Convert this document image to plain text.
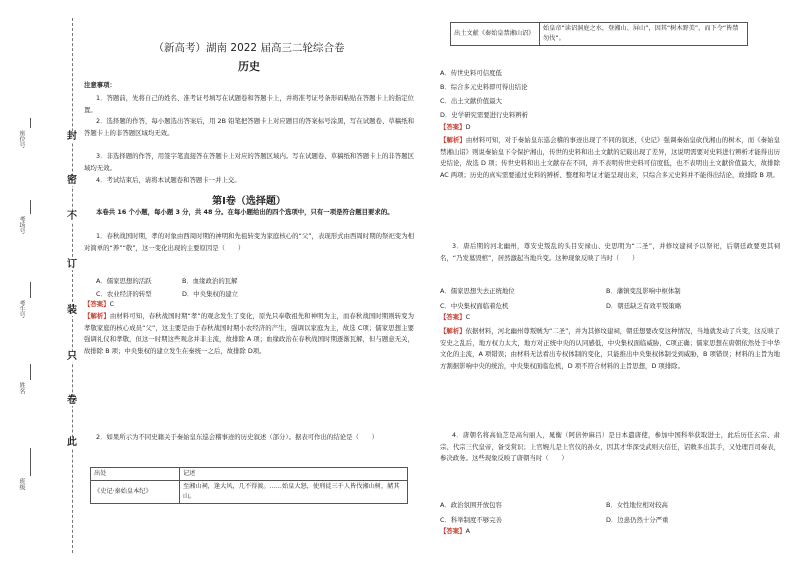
封
密
不
订
装
只
卷
此
座位号
考场号
考生号
姓名
班级
（新高考）湖南 2022 届高三二轮综合卷
历史
注意事项：

1．答题前，先将自己的姓名、准考证号填写在试题卷和答题卡上，并将准考证号条形码粘贴在答题卡上的指定位置。

2．选择题的作答，每小题选出答案后，用 2B 铅笔把答题卡上对应题目的答案标号涂黑，写在试题卷、草稿纸和答题卡上的非答题区域均无效。

3．非选择题的作答，用签字笔直接答在答题卡上对应的答题区域内。写在试题卷、草稿纸和答题卡上的非答题区域均无效。

4．考试结束后，请将本试题卷和答题卡一并上交。

第Ⅰ卷（选择题）

本卷共 16 个小题，每小题 3 分，共 48 分。在每小题给出的四个选项中，只有一项是符合题目要求的。

1．春秋战国时期，孝的对象由西周时期的神明和先祖转变为家庭核心的“父”，表现形式由西周时期的祭祀变为相对简单的“养”“敬”，这一变化出现的主要原因是（　　）

A．儒家思想的活跃	B．血缘政治的瓦解
C．农业经济的转型	D．中央集权的建立
【答案】C
【解析】由材料可知，春秋战国时期“孝”的观念发生了变化，原先只奉敬祖先和神明为主，而春秋战国时期则转变为孝敬家庭的核心成员“父”，这主要是由于春秋战国时期小农经济的产生，强调以家庭为主，故选 C项；儒家思想主要强调礼仪和孝敬，但这一时期这些观念并非主流，故排除 A 项；血缘政治在春秋战国时期逐渐瓦解，但与题意无关，故排除 B 项；中央集权的建立发生在秦统一之后，故排除 D项。

2．如果所示为不同史籍关于秦始皇东巡会稽事迹的历史叙述（部分）。据表可作出的结论是（　　）

出处	记述
《史记·秦始皇本纪》	至湘山祠，逢大风，几不得渡。……始皇大怒，使刑徒三千人皆伐湘山树，赭其山。
出土文献《秦始皇禁湘山诏》	始皇帝“读诏洞庭之水，登湘山、屏山”，因其“树木野美”，而下令“皆禁勿伐”。
A．传世史料可信度低
B．综合多元史料即可得出结论
C．出土文献价值最大
D．史学研究需要进行史料辨析
【答案】D
【解析】由材料可知，对于秦始皇东巡会稽的事迹出现了不同的叙述，《史记》强调秦始皇砍伐湘山的树木，而《秦始皇禁湘山诏》则说秦始皇下令保护湘山，传世的史料和出土文献的记载出现了差异，这说明需要对史料进行辨析才能得出历史结论，故选 D 项；传世史料和出土文献存在不同，并不表明传世史料可信度低，也不表明出土文献价值最大，故排除 AC 两项；历史的真实需要通过史料的辨析、整理和考证才能呈现出来，只综合多元史料并不能得出结论，故排除 B 项。

3．唐后期的河北幽州，尊安史叛乱的头目安禄山、史思明为“二圣”，并修坟建祠予以祭祀，后朝廷政要更其祠名，“乃发墓毁棺”，居然激起当地兵变。这种现象反映了当时（　　）

A．儒家思想失去正统地位	B．藩镇变乱影响中枢体制
C．中央集权面临着危机	D．朝廷缺乏有效平叛策略
【答案】C
【解析】依据材料，河北幽州尊叛贼为“二圣”，并为其修坟建祠，朝廷想要改变这种情况，当地就发动了兵变，这反映了安史之乱后，地方权力太大，地方对正统中央的认同感低，中央集权面临威胁，C项正确；儒家思想在唐朝依然处于中华文化的主流，A 项错误；由材料无法看出专权体制的变化，只能推出中央集权体制受到威胁，B 项错误；材料的主旨为地方割据影响中央的统治，中央集权面临危机，D 项不符合材料的主旨思想，D 项排除。

4．唐朝名将高仙芝是高句丽人，晁衡（阿倍仲麻吕）是日本遣唐使，参加中国科举获取进士，此后历任玄宗、肃宗、代宗三代皇帝，备受赏识；上官婉儿是上官仪的孙女，因其才华深受武则天信任，诏敕多出其手，又处理百司奏表，参决政务。这些现象反映了唐朝当时（　　）

A．政治氛围开放包容	B．女性地位相对较高
C．科举制度不够完善	D．边患仍然十分严重
【答案】A
